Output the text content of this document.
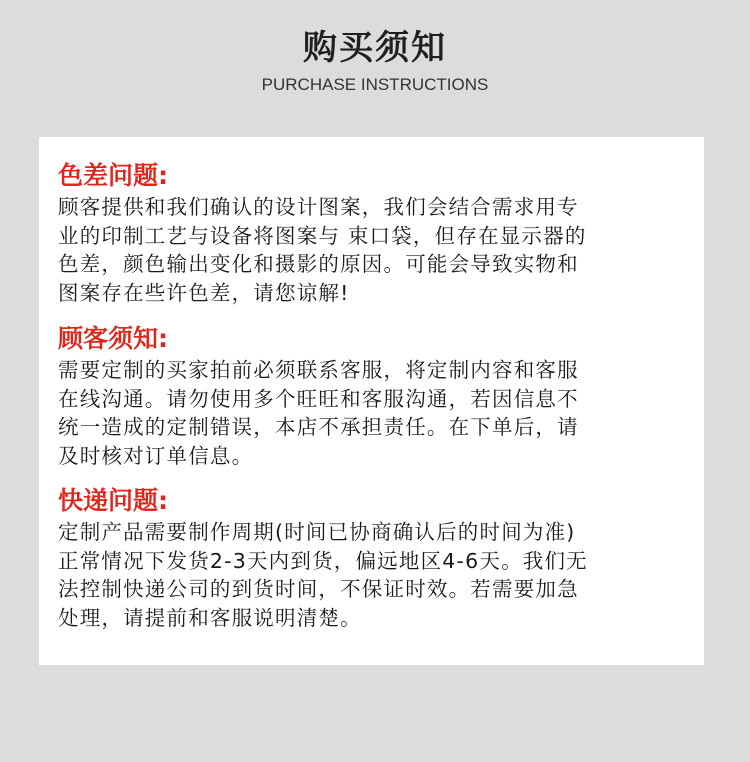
购买须知
PURCHASE INSTRUCTIONS
色差问题:
顾客提供和我们确认的设计图案，我们会结合需求用专
业的印制工艺与设备将图案与 束口袋，但存在显示器的
色差，颜色输出变化和摄影的原因。可能会导致实物和
图案存在些许色差，请您谅解!
顾客须知:
需要定制的买家拍前必须联系客服，将定制内容和客服
在线沟通。请勿使用多个旺旺和客服沟通，若因信息不
统一造成的定制错误，本店不承担责任。在下单后，请
及时核对订单信息。
快递问题:
定制产品需要制作周期(时间已协商确认后的时间为准)
正常情况下发货2-3天内到货，偏远地区4-6天。我们无
法控制快递公司的到货时间，不保证时效。若需要加急
处理，请提前和客服说明清楚。
